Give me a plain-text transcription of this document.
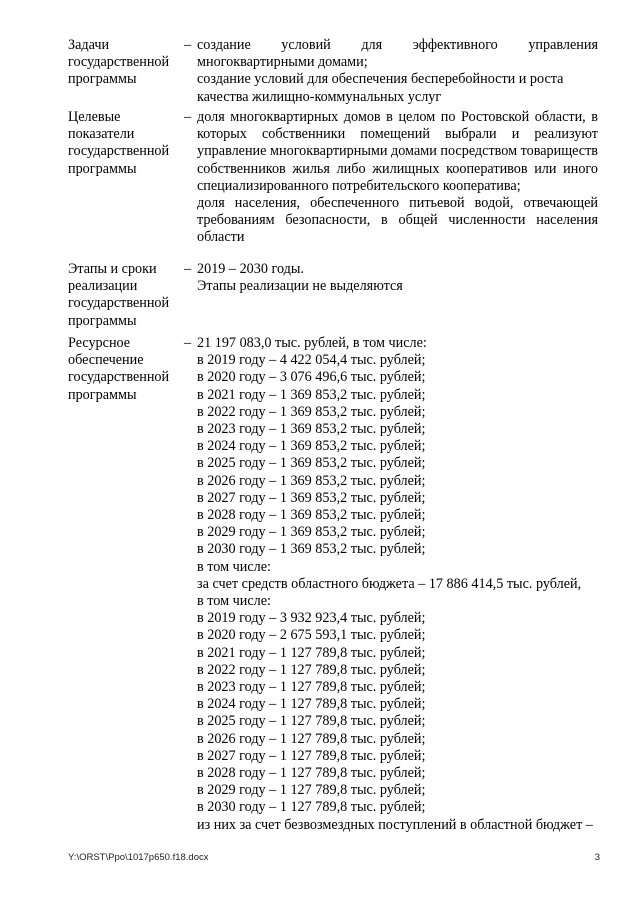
Задачи государственной программы
– создание условий для эффективного управления
многоквартирными домами;
создание условий для обеспечения бесперебойности и роста
качества жилищно-коммунальных услуг
Целевые показатели государственной программы
– доля многоквартирных домов в целом по Ростовской области, в которых собственники помещений выбрали и реализуют управление многоквартирными домами посредством товариществ собственников жилья либо жилищных кооперативов или иного специализированного потребительского кооператива;

доля населения, обеспеченного питьевой водой, отвечающей требованиям безопасности, в общей численности населения области

Этапы и сроки реализации государственной программы
– 2019 – 2030 годы.
Этапы реализации не выделяются
Ресурсное обеспечение государственной программы
– 21 197 083,0 тыс. рублей, в том числе:
в 2019 году – 4 422 054,4 тыс. рублей;
в 2020 году – 3 076 496,6 тыс. рублей;
в 2021 году – 1 369 853,2 тыс. рублей;
в 2022 году – 1 369 853,2 тыс. рублей;
в 2023 году – 1 369 853,2 тыс. рублей;
в 2024 году – 1 369 853,2 тыс. рублей;
в 2025 году – 1 369 853,2 тыс. рублей;
в 2026 году – 1 369 853,2 тыс. рублей;
в 2027 году – 1 369 853,2 тыс. рублей;
в 2028 году – 1 369 853,2 тыс. рублей;
в 2029 году – 1 369 853,2 тыс. рублей;
в 2030 году – 1 369 853,2 тыс. рублей;
в том числе:
за счет средств областного бюджета – 17 886 414,5 тыс. рублей,
в том числе:
в 2019 году – 3 932 923,4 тыс. рублей;
в 2020 году – 2 675 593,1 тыс. рублей;
в 2021 году – 1 127 789,8 тыс. рублей;
в 2022 году – 1 127 789,8 тыс. рублей;
в 2023 году – 1 127 789,8 тыс. рублей;
в 2024 году – 1 127 789,8 тыс. рублей;
в 2025 году – 1 127 789,8 тыс. рублей;
в 2026 году – 1 127 789,8 тыс. рублей;
в 2027 году – 1 127 789,8 тыс. рублей;
в 2028 году – 1 127 789,8 тыс. рублей;
в 2029 году – 1 127 789,8 тыс. рублей;
в 2030 году – 1 127 789,8 тыс. рублей;
из них за счет безвозмездных поступлений в областной бюджет –
Y:\ORST\Ppo\1017p650.f18.docx	3
